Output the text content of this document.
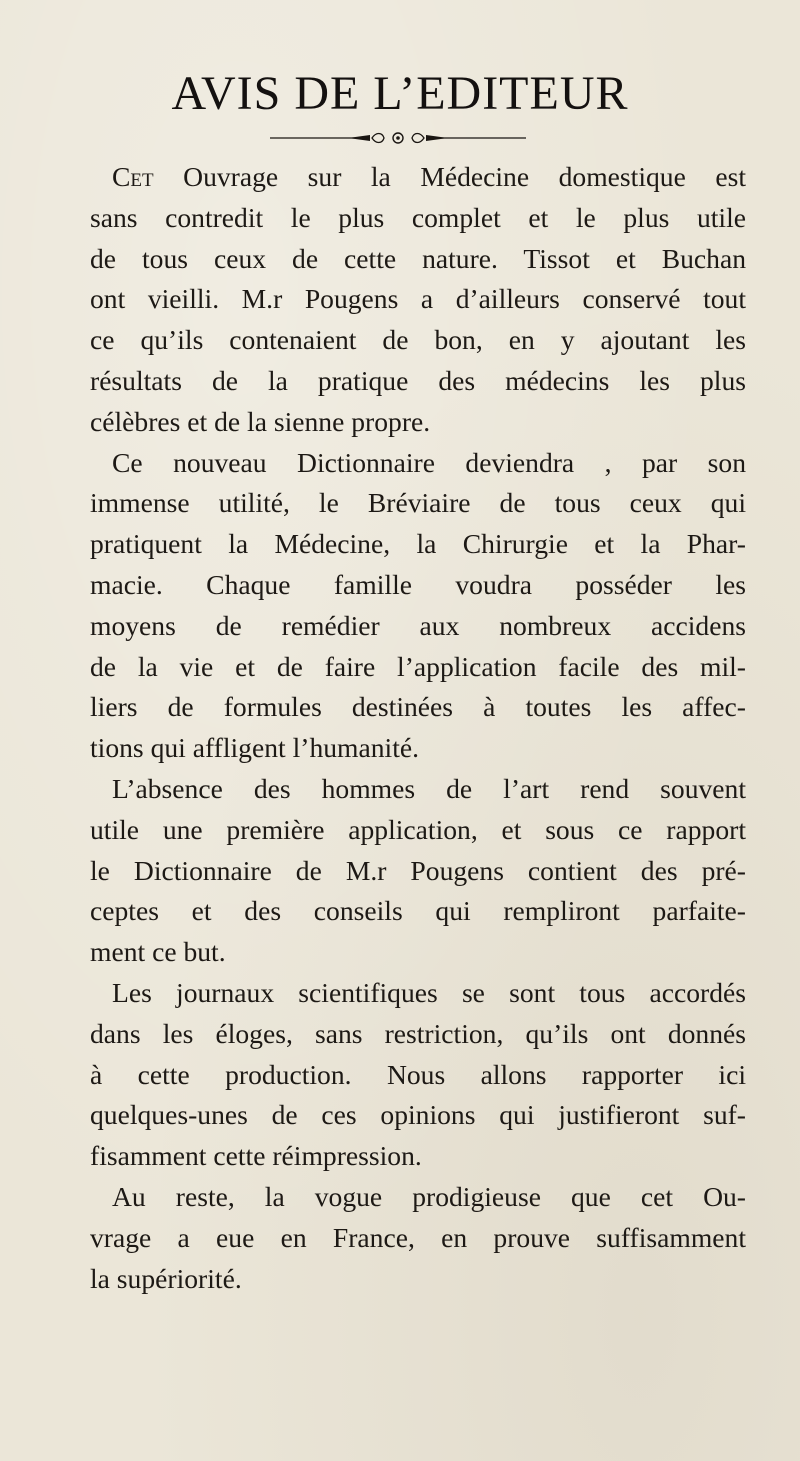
AVIS DE L’EDITEUR
Cet Ouvrage sur la Médecine domestique est
sans contredit le plus complet et le plus utile
de tous ceux de cette nature. Tissot et Buchan
ont vieilli. M.r Pougens a d’ailleurs conservé tout
ce qu’ils contenaient de bon, en y ajoutant les
résultats de la pratique des médecins les plus
célèbres et de la sienne propre.
Ce nouveau Dictionnaire deviendra , par son
immense utilité, le Bréviaire de tous ceux qui
pratiquent la Médecine, la Chirurgie et la Phar-
macie. Chaque famille voudra posséder les
moyens de remédier aux nombreux accidens
de la vie et de faire l’application facile des mil-
liers de formules destinées à toutes les affec-
tions qui affligent l’humanité.
L’absence des hommes de l’art rend souvent
utile une première application, et sous ce rapport
le Dictionnaire de M.r Pougens contient des pré-
ceptes et des conseils qui rempliront parfaite-
ment ce but.
Les journaux scientifiques se sont tous accordés
dans les éloges, sans restriction, qu’ils ont donnés
à cette production. Nous allons rapporter ici
quelques-unes de ces opinions qui justifieront suf-
fisamment cette réimpression.
Au reste, la vogue prodigieuse que cet Ou-
vrage a eue en France, en prouve suffisamment
la supériorité.
